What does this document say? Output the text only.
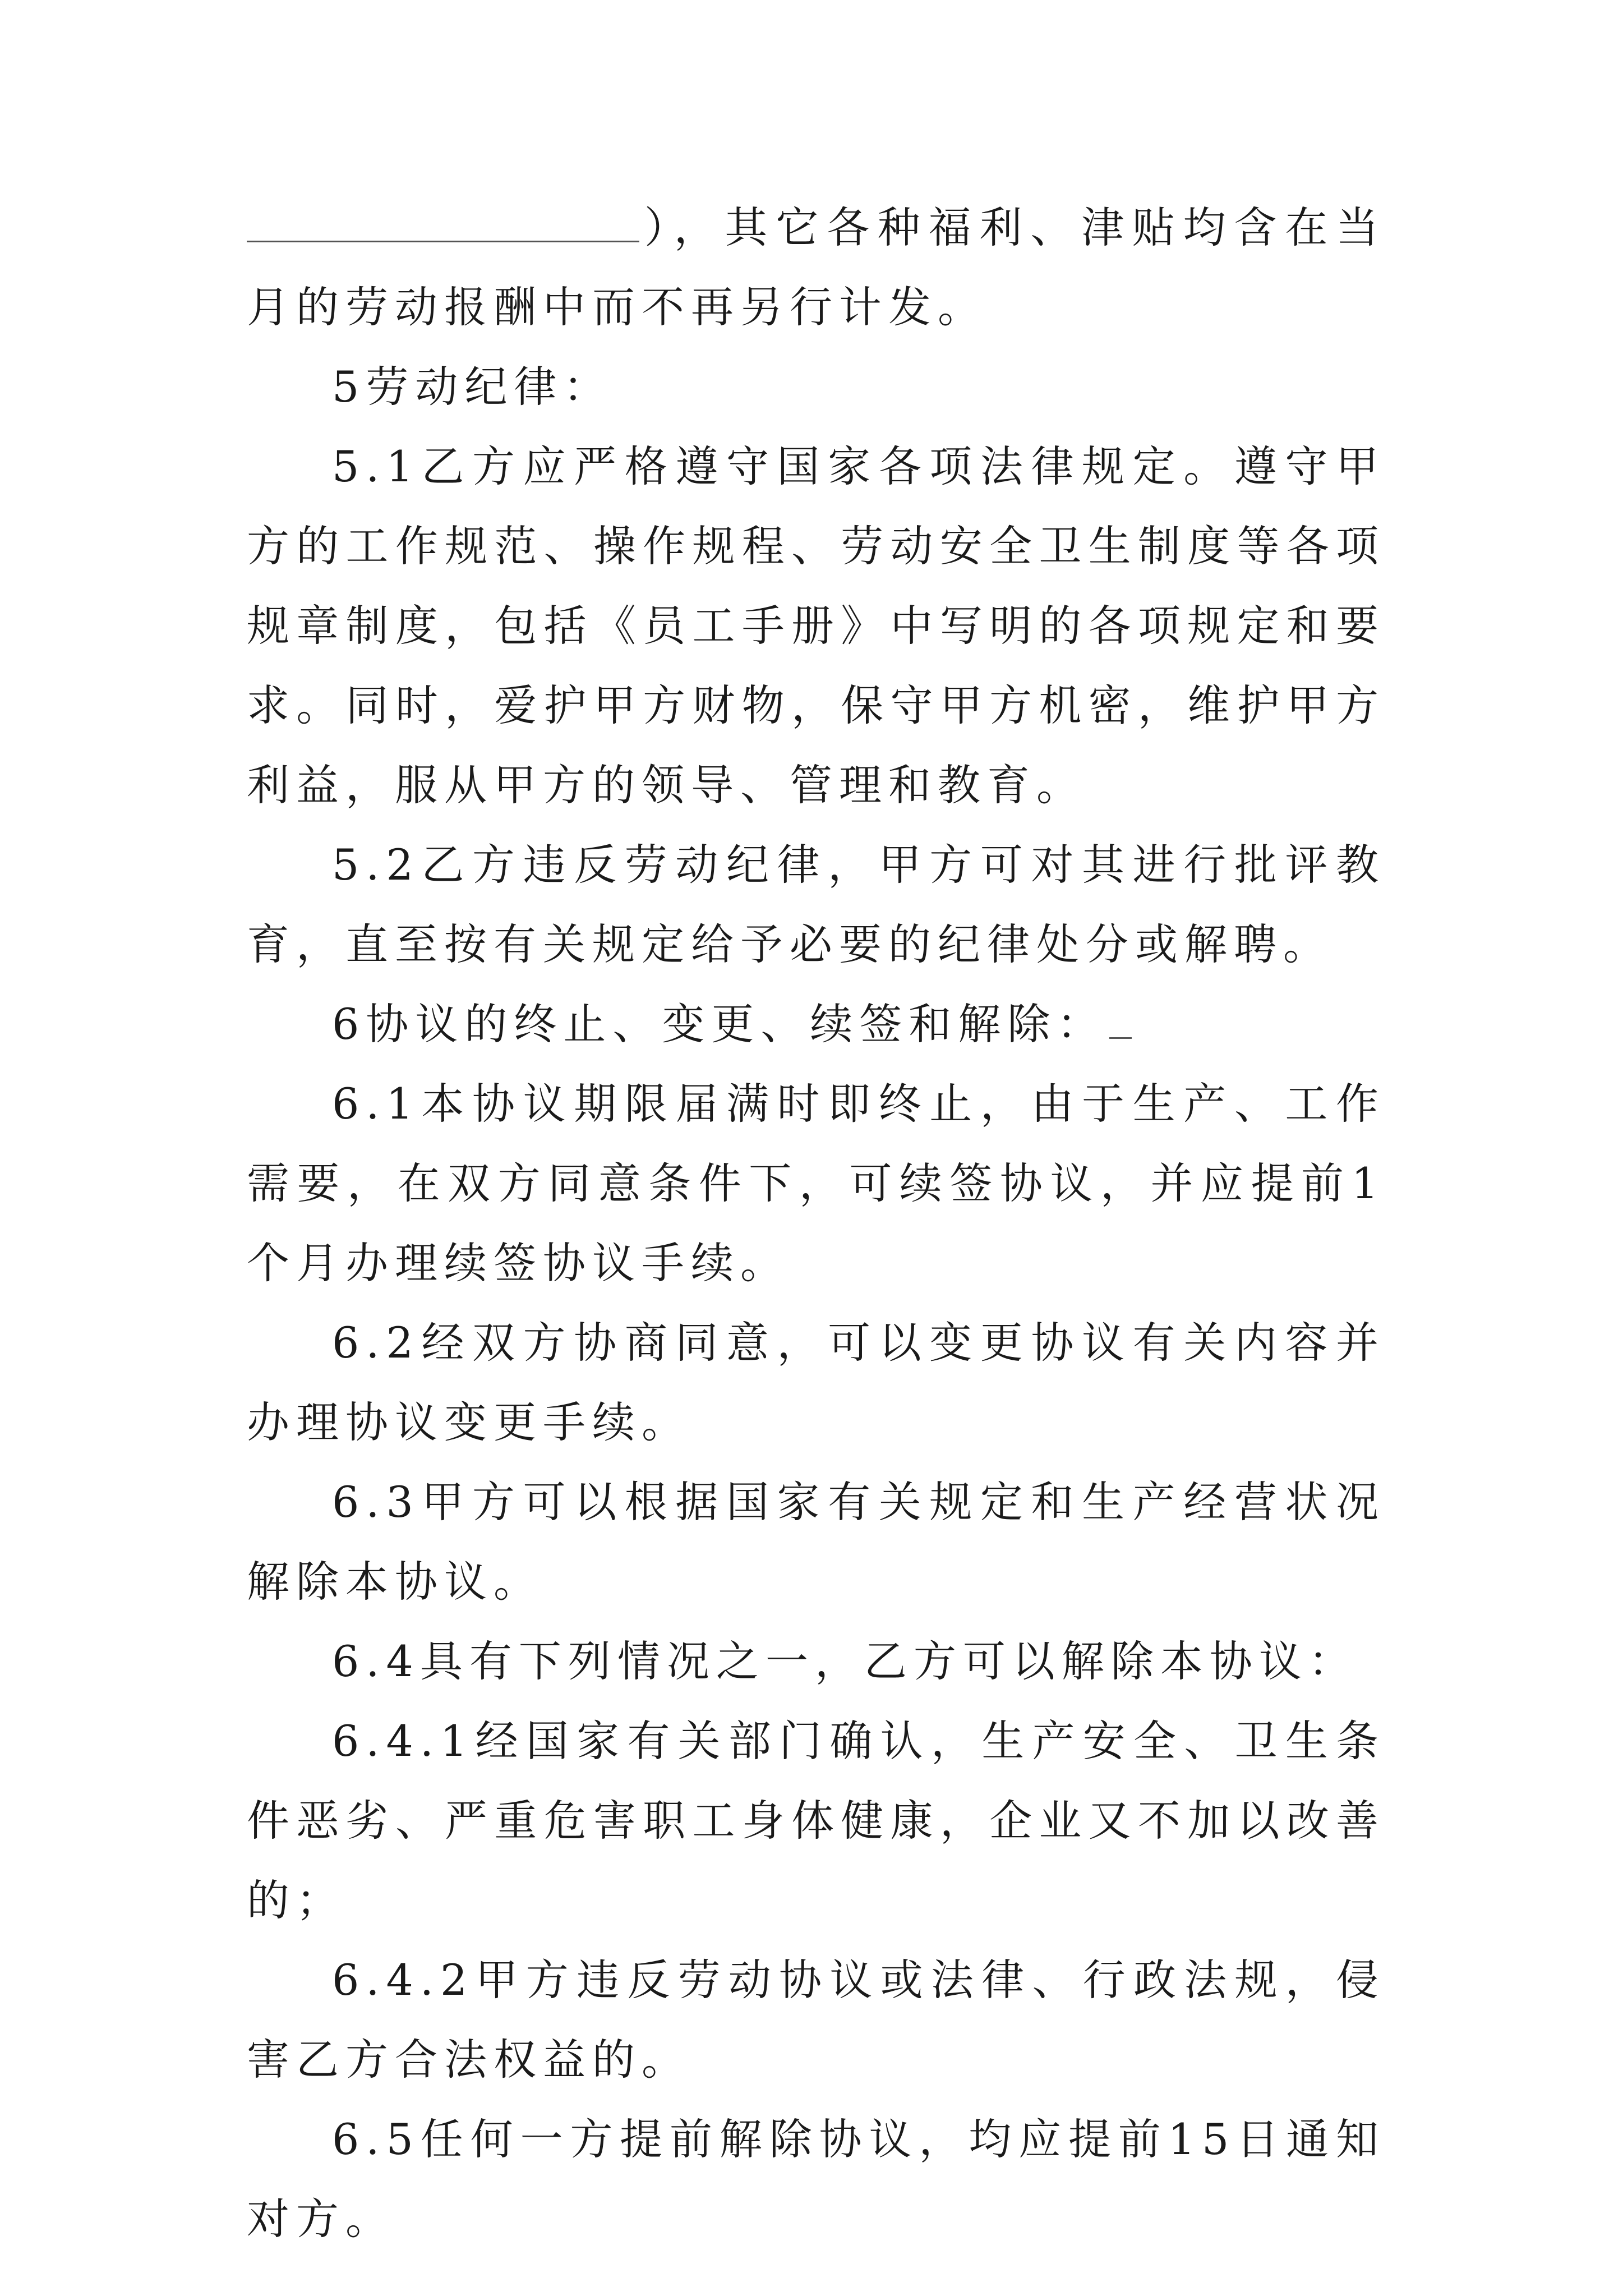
），其它各种福利、津贴均含在当月的劳动报酬中而不再另行计发。

5劳动纪律：

5.1乙方应严格遵守国家各项法律规定。遵守甲方的工作规范、操作规程、劳动安全卫生制度等各项规章制度，包括《员工手册》中写明的各项规定和要求。同时，爱护甲方财物，保守甲方机密，维护甲方利益，服从甲方的领导、管理和教育。

5.2乙方违反劳动纪律，甲方可对其进行批评教育，直至按有关规定给予必要的纪律处分或解聘。

6协议的终止、变更、续签和解除：

6.1本协议期限届满时即终止，由于生产、工作需要，在双方同意条件下，可续签协议，并应提前1个月办理续签协议手续。

6.2经双方协商同意，可以变更协议有关内容并办理协议变更手续。

6.3甲方可以根据国家有关规定和生产经营状况解除本协议。

6.4具有下列情况之一，乙方可以解除本协议：

6.4.1经国家有关部门确认，生产安全、卫生条件恶劣、严重危害职工身体健康，企业又不加以改善的；

6.4.2甲方违反劳动协议或法律、行政法规，侵害乙方合法权益的。

6.5任何一方提前解除协议，均应提前15日通知对方。
